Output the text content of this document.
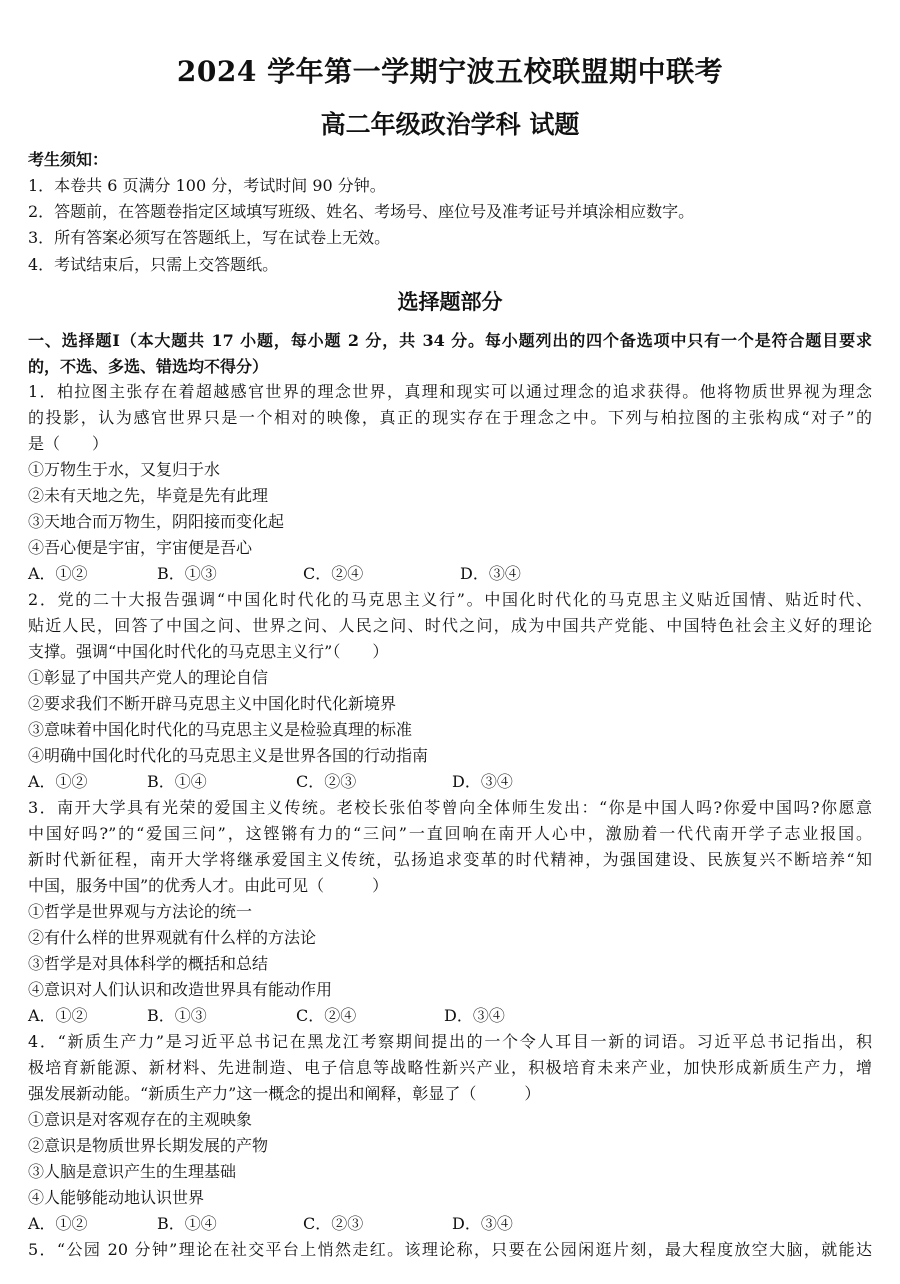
2024 学年第一学期宁波五校联盟期中联考
高二年级政治学科 试题
考生须知：
1．本卷共 6 页满分 100 分，考试时间 90 分钟。
2．答题前，在答题卷指定区域填写班级、姓名、考场号、座位号及准考证号并填涂相应数字。
3．所有答案必须写在答题纸上，写在试卷上无效。
4．考试结束后，只需上交答题纸。
选择题部分
一、选择题Ⅰ（本大题共 17 小题，每小题 2 分，共 34 分。每小题列出的四个备选项中只有一个是符合题目要求
的，不选、多选、错选均不得分）
1．柏拉图主张存在着超越感官世界的理念世界，真理和现实可以通过理念的追求获得。他将物质世界视为理念
的投影，认为感官世界只是一个相对的映像，真正的现实存在于理念之中。下列与柏拉图的主张构成“对子”的
是（　　）
①万物生于水，又复归于水
②未有天地之先，毕竟是先有此理
③天地合而万物生，阴阳接而变化起
④吾心便是宇宙，宇宙便是吾心
A．①②	B．①③	C．②④	D．③④
2．党的二十大报告强调“中国化时代化的马克思主义行”。中国化时代化的马克思主义贴近国情、贴近时代、
贴近人民，回答了中国之问、世界之问、人民之问、时代之问，成为中国共产党能、中国特色社会主义好的理论
支撑。强调“中国化时代化的马克思主义行”（　　）
①彰显了中国共产党人的理论自信
②要求我们不断开辟马克思主义中国化时代化新境界
③意味着中国化时代化的马克思主义是检验真理的标准
④明确中国化时代化的马克思主义是世界各国的行动指南
A．①②	B．①④	C．②③	D．③④
3．南开大学具有光荣的爱国主义传统。老校长张伯苓曾向全体师生发出：“你是中国人吗?你爱中国吗?你愿意
中国好吗?”的“爱国三问”，这铿锵有力的“三问”一直回响在南开人心中，激励着一代代南开学子志业报国。
新时代新征程，南开大学将继承爱国主义传统，弘扬追求变革的时代精神，为强国建设、民族复兴不断培养“知
中国，服务中国”的优秀人才。由此可见（　　　）
①哲学是世界观与方法论的统一
②有什么样的世界观就有什么样的方法论
③哲学是对具体科学的概括和总结
④意识对人们认识和改造世界具有能动作用
A．①②	B．①③	C．②④	D．③④
4．“新质生产力”是习近平总书记在黑龙江考察期间提出的一个令人耳目一新的词语。习近平总书记指出，积
极培育新能源、新材料、先进制造、电子信息等战略性新兴产业，积极培育未来产业，加快形成新质生产力，增
强发展新动能。“新质生产力”这一概念的提出和阐释，彰显了（　　　）
①意识是对客观存在的主观映象
②意识是物质世界长期发展的产物
③人脑是意识产生的生理基础
④人能够能动地认识世界
A．①②	B．①④	C．②③	D．③④
5．“公园 20 分钟”理论在社交平台上悄然走红。该理论称，只要在公园闲逛片刻，最大程度放空大脑，就能达
